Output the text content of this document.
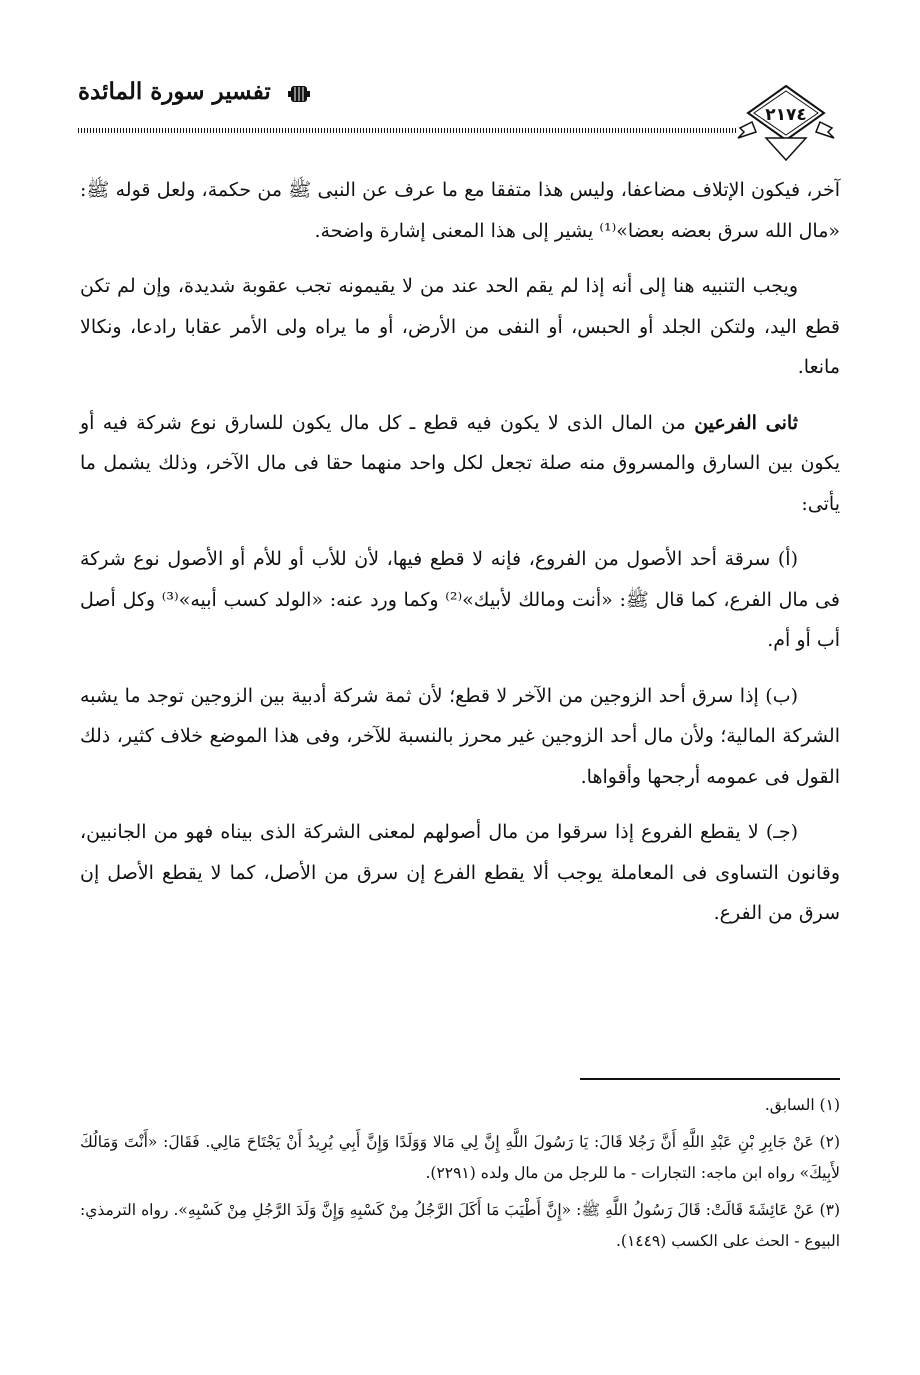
تفسير سورة المائدة
٢١٧٤

آخر، فيكون الإتلاف مضاعفا، وليس هذا متفقا مع ما عرف عن النبى ﷺ من حكمة، ولعل قوله ﷺ: «مال الله سرق بعضه بعضا»⁽¹⁾ يشير إلى هذا المعنى إشارة واضحة.

ويجب التنبيه هنا إلى أنه إذا لم يقم الحد عند من لا يقيمونه تجب عقوبة شديدة، وإن لم تكن قطع اليد، ولتكن الجلد أو الحبس، أو النفى من الأرض، أو ما يراه ولى الأمر عقابا رادعا، ونكالا مانعا.

ثانى الفرعين من المال الذى لا يكون فيه قطع ـ كل مال يكون للسارق نوع شركة فيه أو يكون بين السارق والمسروق منه صلة تجعل لكل واحد منهما حقا فى مال الآخر، وذلك يشمل ما يأتى:

(أ) سرقة أحد الأصول من الفروع، فإنه لا قطع فيها، لأن للأب أو للأم أو الأصول نوع شركة فى مال الفرع، كما قال ﷺ: «أنت ومالك لأبيك»⁽²⁾ وكما ورد عنه: «الولد كسب أبيه»⁽³⁾ وكل أصل أب أو أم.

(ب) إذا سرق أحد الزوجين من الآخر لا قطع؛ لأن ثمة شركة أدبية بين الزوجين توجد ما يشبه الشركة المالية؛ ولأن مال أحد الزوجين غير محرز بالنسبة للآخر، وفى هذا الموضع خلاف كثير، ذلك القول فى عمومه أرجحها وأقواها.

(جـ) لا يقطع الفروع إذا سرقوا من مال أصولهم لمعنى الشركة الذى بيناه فهو من الجانبين، وقانون التساوى فى المعاملة يوجب ألا يقطع الفرع إن سرق من الأصل، كما لا يقطع الأصل إن سرق من الفرع.

(١) السابق.

(٢) عَنْ جَابِرِ بْنِ عَبْدِ اللَّهِ أَنَّ رَجُلا قَالَ: يَا رَسُولَ اللَّهِ إِنَّ لِي مَالا وَوَلَدًا وَإِنَّ أَبِي يُرِيدُ أَنْ يَجْتَاحَ مَالِي. فَقَالَ: «أَنْتَ وَمَالُكَ لأَبِيكَ» رواه ابن ماجه: التجارات - ما للرجل من مال ولده (٢٢٩١).

(٣) عَنْ عَائِشَةَ قَالَتْ: قَالَ رَسُولُ اللَّهِ ﷺ: «إِنَّ أَطْيَبَ مَا أَكَلَ الرَّجُلُ مِنْ كَسْبِهِ وَإِنَّ وَلَدَ الرَّجُلِ مِنْ كَسْبِهِ». رواه الترمذي: البيوع - الحث على الكسب (١٤٤٩).
